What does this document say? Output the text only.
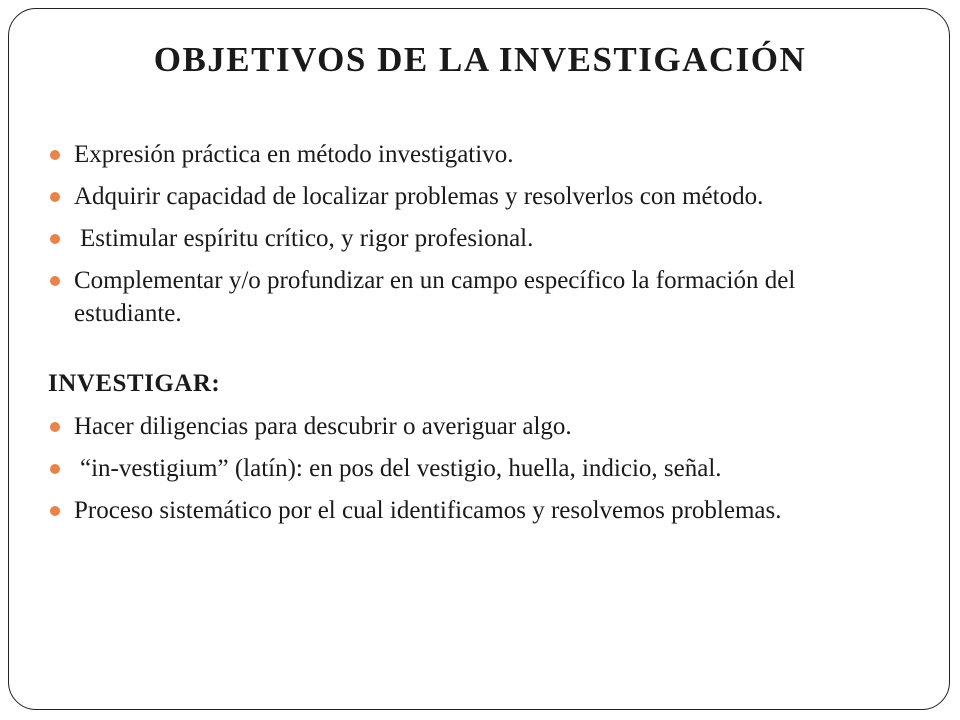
OBJETIVOS DE LA INVESTIGACIÓN
Expresión práctica en método investigativo.
Adquirir capacidad de localizar problemas y resolverlos con método.
Estimular espíritu crítico, y rigor profesional.
Complementar y/o profundizar en un campo específico la formación del estudiante.
INVESTIGAR:
Hacer diligencias para descubrir o averiguar algo.
“in-vestigium” (latín): en pos del vestigio, huella, indicio, señal.
Proceso sistemático por el cual identificamos y resolvemos problemas.
